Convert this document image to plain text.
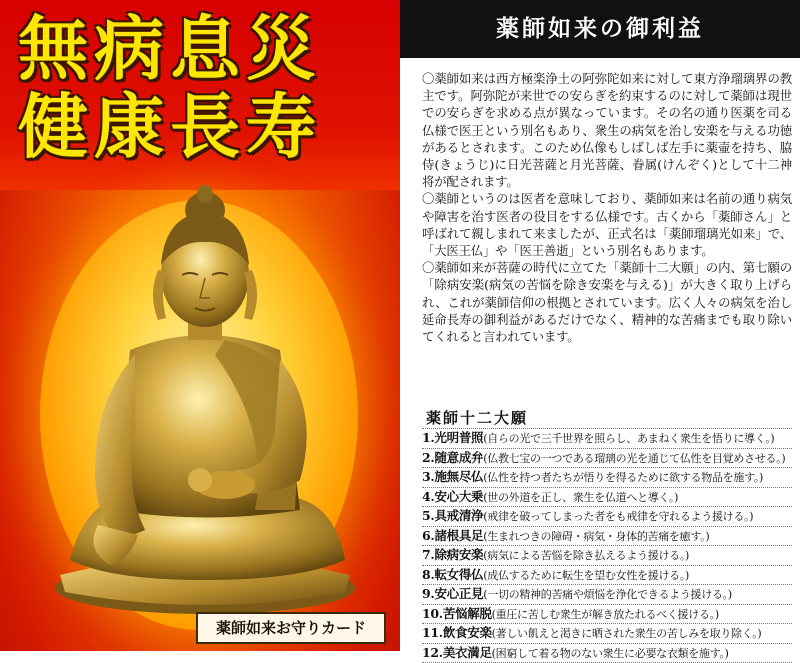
無病息災
健康長寿
薬師如来お守りカード
薬師如来の御利益

〇薬師如来は西方極楽浄土の阿弥陀如来に対して東方浄瑠璃界の教主です。阿弥陀が来世での安らぎを約束するのに対して薬師は現世での安らぎを求める点が異なっています。その名の通り医薬を司る仏様で医王という別名もあり、衆生の病気を治し安楽を与える功徳があるとされます。このため仏像もしばしば左手に薬壷を持ち、脇侍(きょうじ)に日光菩薩と月光菩薩、眷属(けんぞく)として十二神将が配されます。

〇薬師というのは医者を意味しており、薬師如来は名前の通り病気や障害を治す医者の役目をする仏様です。古くから「薬師さん」と呼ばれて親しまれて来ましたが、正式名は「薬師瑠璃光如来」で、「大医王仏」や「医王善逝」という別名もあります。

〇薬師如来が菩薩の時代に立てた「薬師十二大願」の内、第七願の「除病安楽(病気の苦悩を除き安楽を与える)」が大きく取り上げられ、これが薬師信仰の根拠とされています。広く人々の病気を治し延命長寿の御利益があるだけでなく、精神的な苦痛までも取り除いてくれると言われています。

薬師十二大願
1.光明普照(自らの光で三千世界を照らし、あまねく衆生を悟りに導く。)
2.随意成弁(仏教七宝の一つである瑠璃の光を通じて仏性を目覚めさせる。)
3.施無尽仏(仏性を持つ者たちが悟りを得るために欲する物品を施す。)
4.安心大乗(世の外道を正し、衆生を仏道へと導く。)
5.具戒清浄(戒律を破ってしまった者をも戒律を守れるよう援ける。)
6.諸根具足(生まれつきの障碍・病気・身体的苦痛を癒す。)
7.除病安楽(病気による苦悩を除き払えるよう援ける。)
8.転女得仏(成仏するために転生を望む女性を援ける。)
9.安心正見(一切の精神的苦痛や煩悩を浄化できるよう援ける。)
10.苦悩解脱(重圧に苦しむ衆生が解き放たれるべく援ける。)
11.飲食安楽(著しい飢えと渇きに晒された衆生の苦しみを取り除く。)
12.美衣満足(困窮して着る物のない衆生に必要な衣類を施す。)
